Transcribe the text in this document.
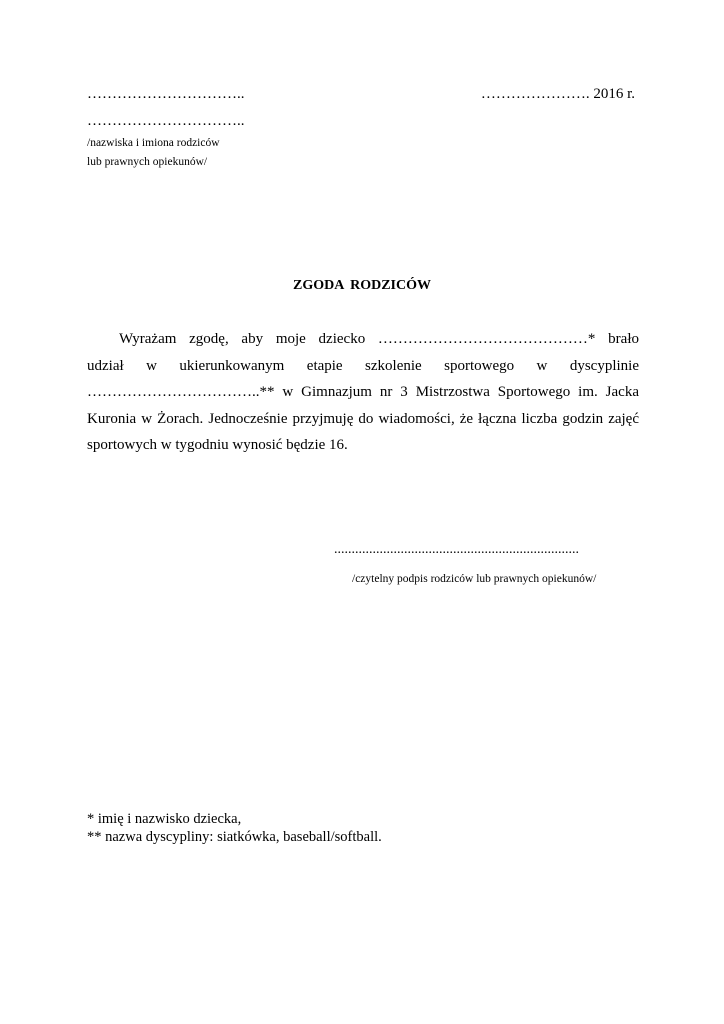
…………………………..	…………………. 2016 r.
…………………………..
/nazwiska i imiona rodziców
lub prawnych opiekunów/
ZGODA RODZICÓW
Wyrażam zgodę, aby moje dziecko ……………………………………* brało
udział w ukierunkowanym etapie szkolenie sportowego w dyscyplinie
……………………………..** w Gimnazjum nr 3 Mistrzostwa Sportowego im. Jacka
Kuronia w Żorach. Jednocześnie przyjmuję do wiadomości, że łączna liczba godzin zajęć
sportowych w tygodniu wynosić będzie 16.
......................................................................
/czytelny podpis rodziców lub prawnych opiekunów/
* imię i nazwisko dziecka,
** nazwa dyscypliny: siatkówka, baseball/softball.
